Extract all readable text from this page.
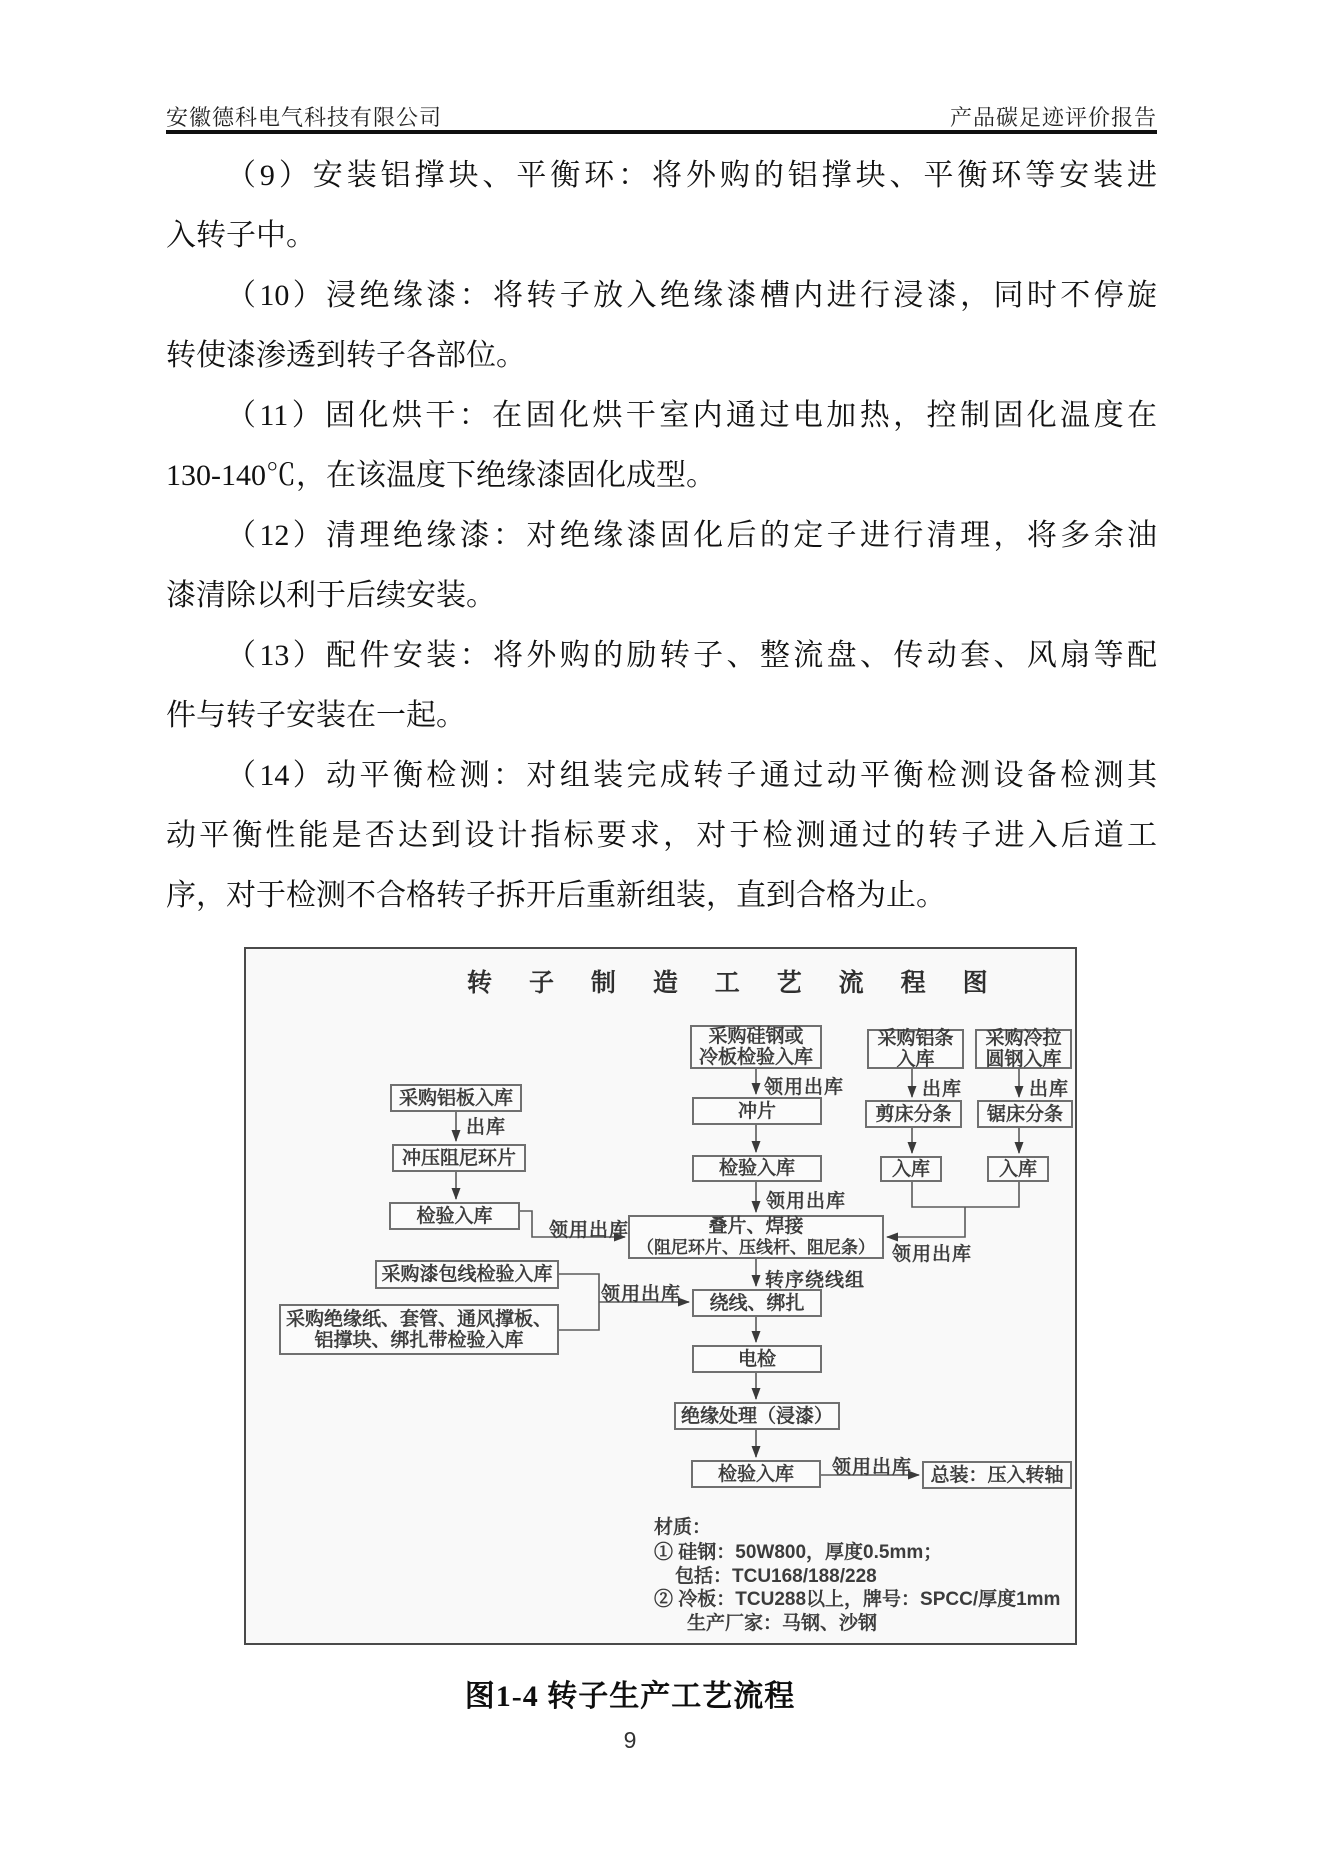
安徽德科电气科技有限公司	产品碳足迹评价报告
（9）安装铝撑块、平衡环：将外购的铝撑块、平衡环等安装进
入转子中。
（10）浸绝缘漆：将转子放入绝缘漆槽内进行浸漆，同时不停旋
转使漆渗透到转子各部位。
（11）固化烘干：在固化烘干室内通过电加热，控制固化温度在
130-140℃，在该温度下绝缘漆固化成型。
（12）清理绝缘漆：对绝缘漆固化后的定子进行清理，将多余油
漆清除以利于后续安装。
（13）配件安装：将外购的励转子、整流盘、传动套、风扇等配
件与转子安装在一起。
（14）动平衡检测：对组装完成转子通过动平衡检测设备检测其
动平衡性能是否达到设计指标要求，对于检测通过的转子进入后道工
序，对于检测不合格转子拆开后重新组装，直到合格为止。
转 子 制 造 工 艺 流 程 图
采购铝板入库
冲压阻尼环片
检验入库
采购漆包线检验入库
采购绝缘纸、套管、通风撑板、
铝撑块、绑扎带检验入库
采购硅钢或
冷板检验入库
冲片
检验入库
叠片、焊接
（阻尼环片、压线杆、阻尼条）
绕线、绑扎
电检
绝缘处理（浸漆）
检验入库	总装：压入转轴
采购铝条
入库
采购冷拉
圆钢入库
剪床分条	锯床分条
入库	入库
领用出库	出库	出库
出库
领用出库
领用出库
领用出库
转序绕线组
领用出库
领用出库
材质：
① 硅钢：50W800，厚度0.5mm；
包括：TCU168/188/228
② 冷板：TCU288以上，牌号：SPCC/厚度1mm
生产厂家：马钢、沙钢
图1-4 转子生产工艺流程
9
